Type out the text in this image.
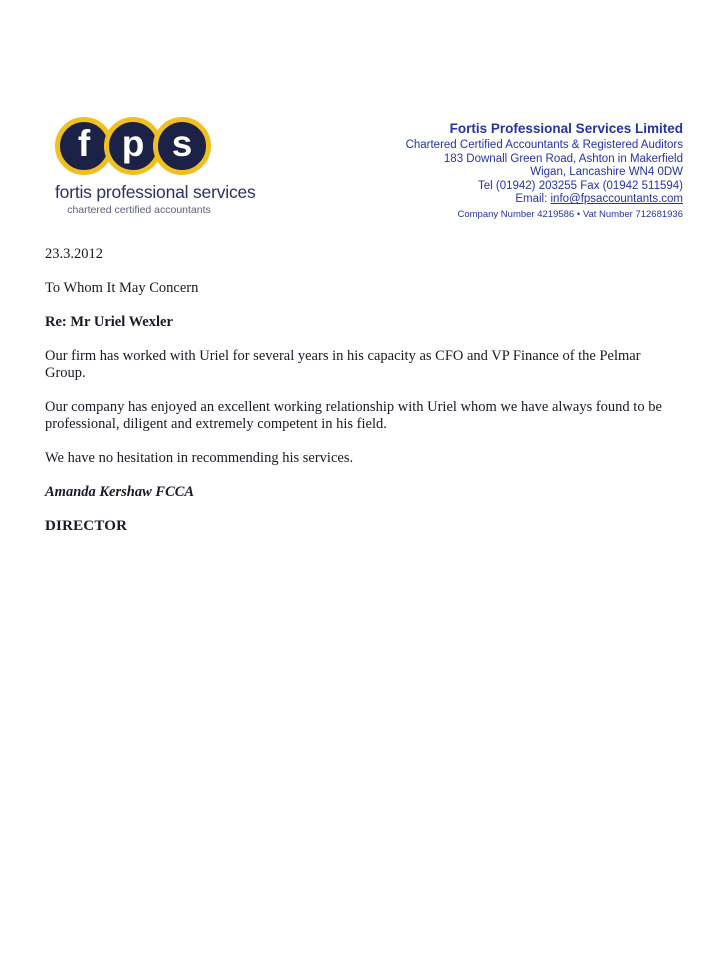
f p s
fortis professional services
chartered certified accountants
Fortis Professional Services Limited
Chartered Certified Accountants & Registered Auditors
183 Downall Green Road, Ashton in Makerfield
Wigan, Lancashire WN4 0DW
Tel (01942) 203255 Fax (01942 511594)
Email: info@fpsaccountants.com
Company Number 4219586 • Vat Number 712681936

23.3.2012

To Whom It May Concern

Re: Mr Uriel Wexler

Our firm has worked with Uriel for several years in his capacity as CFO and VP Finance of the Pelmar Group.

Our company has enjoyed an excellent working relationship with Uriel whom we have always found to be professional, diligent and extremely competent in his field.

We have no hesitation in recommending his services.

Amanda Kershaw FCCA

DIRECTOR
